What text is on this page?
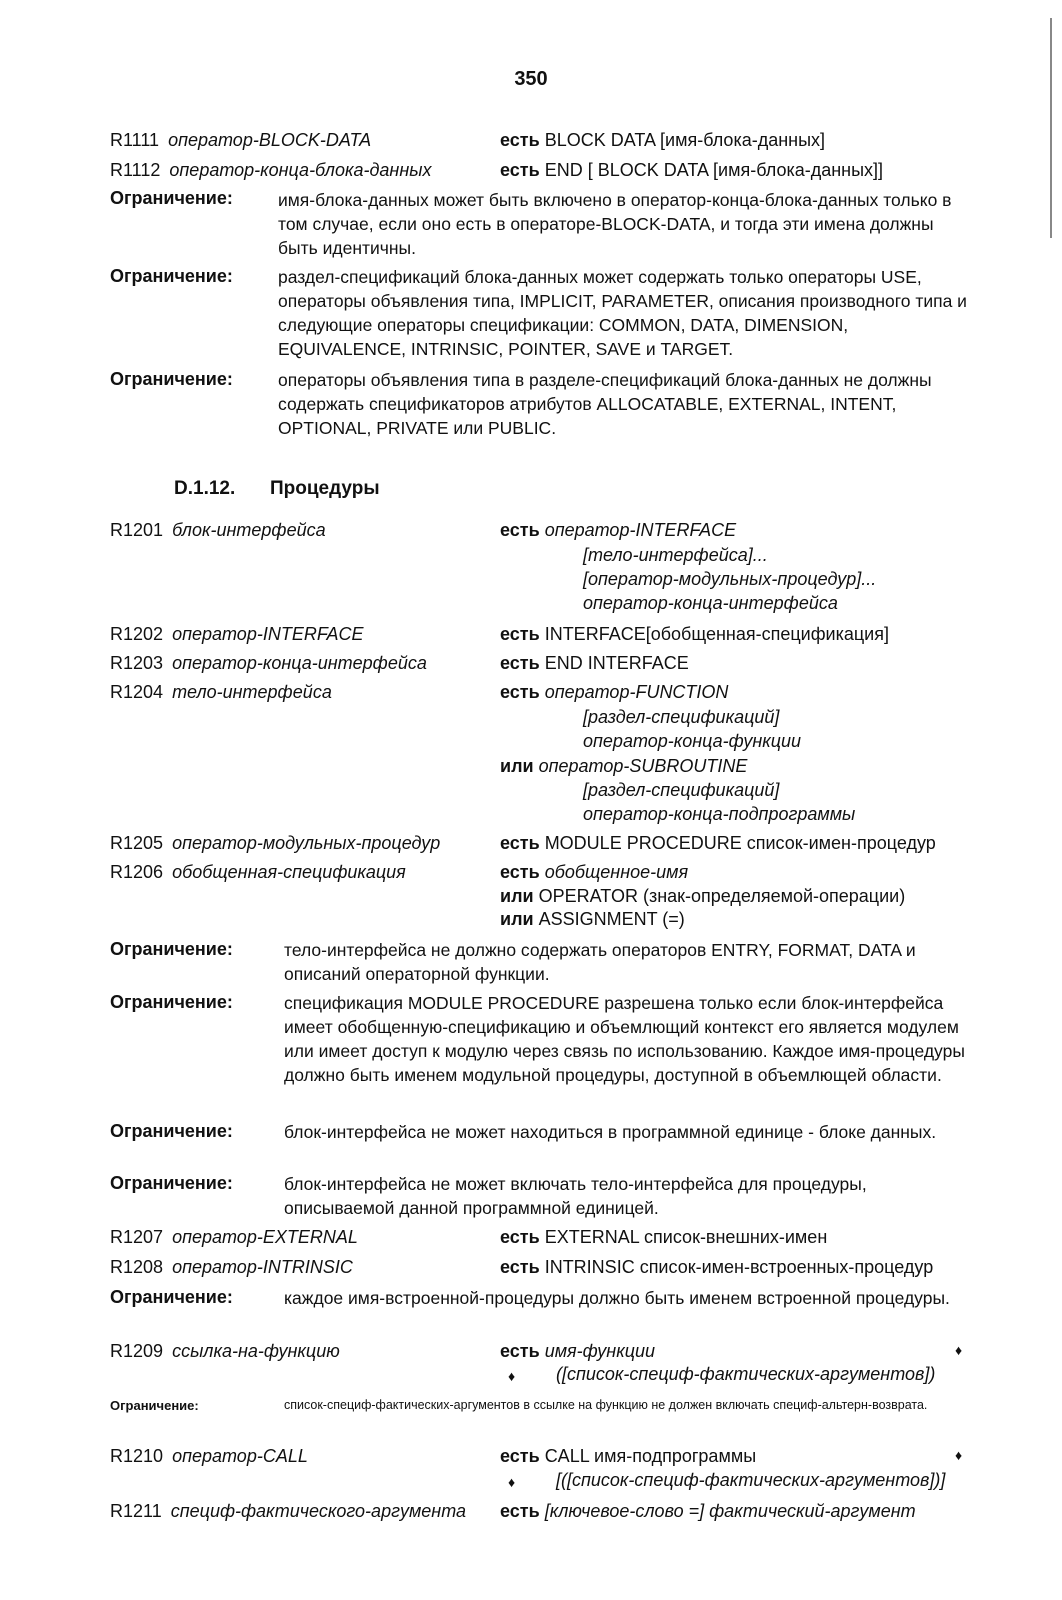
350
R1111 оператор-BLOCK-DATA	есть BLOCK DATA [имя-блока-данных]
R1112 оператор-конца-блока-данных	есть END [ BLOCK DATA [имя-блока-данных]]
Ограничение:	имя-блока-данных может быть включено в оператор-конца-блока-данных только в том случае, если оно есть в операторе-BLOCK-DATA, и тогда эти имена должны быть идентичны.
Ограничение:	раздел-спецификаций блока-данных может содержать только операторы USE, операторы объявления типа, IMPLICIT, PARAMETER, описания производного типа и следующие операторы спецификации: COMMON, DATA, DIMENSION, EQUIVALENCE, INTRINSIC, POINTER, SAVE и TARGET.
Ограничение:	операторы объявления типа в разделе-спецификаций блока-данных не должны содержать спецификаторов атрибутов ALLOCATABLE, EXTERNAL, INTENT, OPTIONAL, PRIVATE или PUBLIC.
D.1.12. Процедуры
R1201 блок-интерфейса	есть оператор-INTERFACE
[тело-интерфейса]...
[оператор-модульных-процедур]...
оператор-конца-интерфейса
R1202 оператор-INTERFACE	есть INTERFACE[обобщенная-спецификация]
R1203 оператор-конца-интерфейса	есть END INTERFACE
R1204 тело-интерфейса	есть оператор-FUNCTION
[раздел-спецификаций]
оператор-конца-функции
или оператор-SUBROUTINE
[раздел-спецификаций]
оператор-конца-подпрограммы
R1205 оператор-модульных-процедур	есть MODULE PROCEDURE список-имен-процедур
R1206 обобщенная-спецификация	есть обобщенное-имя
или OPERATOR (знак-определяемой-операции)
или ASSIGNMENT (=)
Ограничение:	тело-интерфейса не должно содержать операторов ENTRY, FORMAT, DATA и описаний операторной функции.
Ограничение:	спецификация MODULE PROCEDURE разрешена только если блок-интерфейса имеет обобщенную-спецификацию и объемлющий контекст его является модулем или имеет доступ к модулю через связь по использованию. Каждое имя-процедуры должно быть именем модульной процедуры, доступной в объемлющей области.
Ограничение:	блок-интерфейса не может находиться в программной единице - блоке данных.
Ограничение:	блок-интерфейса не может включать тело-интерфейса для процедуры, описываемой данной программной единицей.
R1207 оператор-EXTERNAL	есть EXTERNAL список-внешних-имен
R1208 оператор-INTRINSIC	есть INTRINSIC список-имен-встроенных-процедур
Ограничение:	каждое имя-встроенной-процедуры должно быть именем встроенной процедуры.
R1209 ссылка-на-функцию	есть имя-функции	♦
♦ ([список-специф-фактических-аргументов])
Ограничение:	список-специф-фактических-аргументов в ссылке на функцию не должен включать специф-альтерн-возврата.
R1210 оператор-CALL	есть CALL имя-подпрограммы	♦
♦ [([список-специф-фактических-аргументов])]
R1211 специф-фактического-аргумента есть [ключевое-слово =] фактический-аргумент
